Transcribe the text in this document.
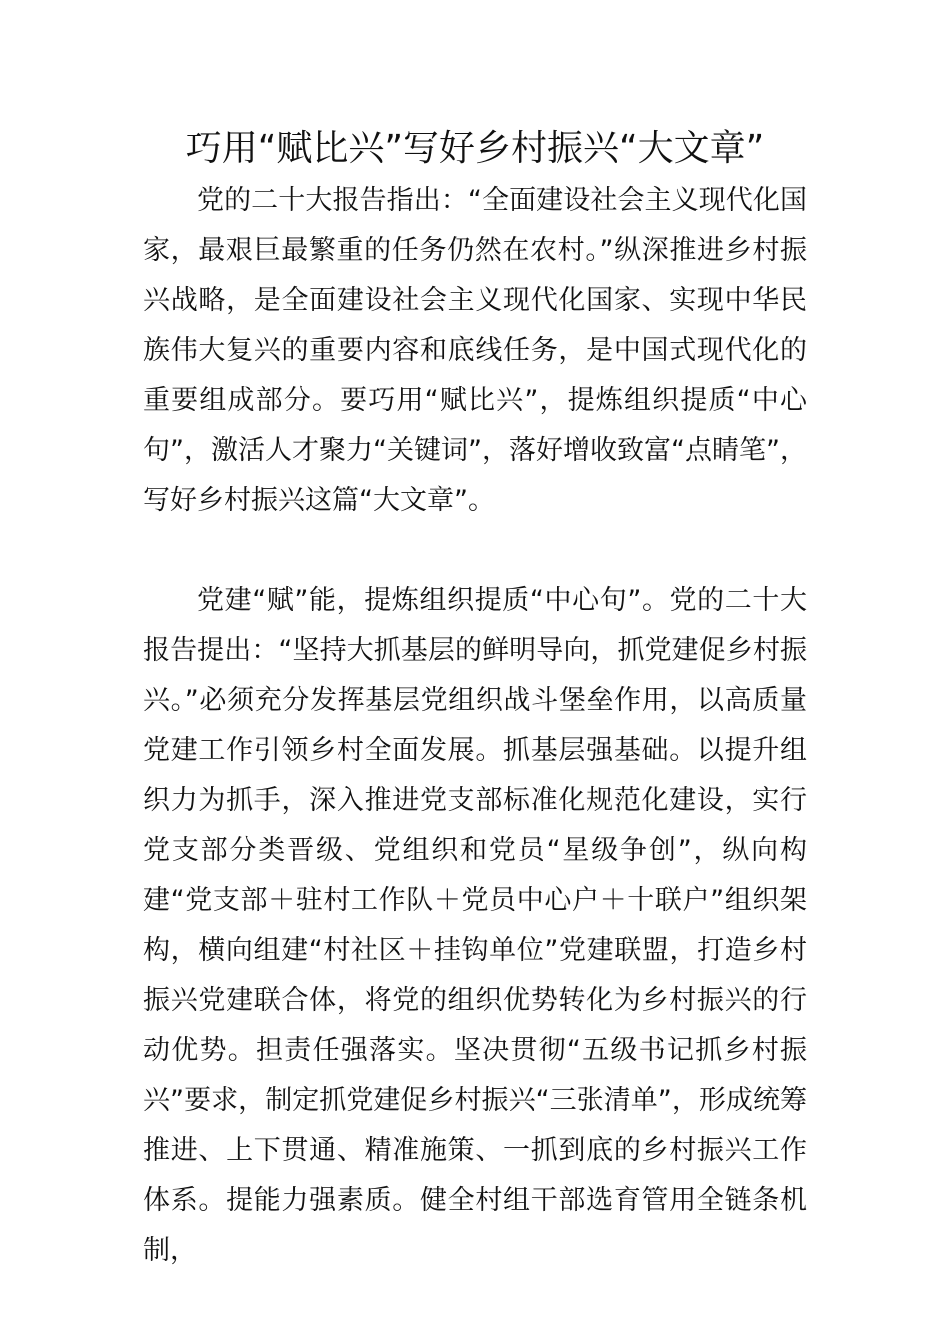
巧用“赋比兴”写好乡村振兴“大文章”

党的二十大报告指出：“全面建设社会主义现代化国家，最艰巨最繁重的任务仍然在农村。”纵深推进乡村振兴战略，是全面建设社会主义现代化国家、实现中华民族伟大复兴的重要内容和底线任务，是中国式现代化的重要组成部分。要巧用“赋比兴”，提炼组织提质“中心句”，激活人才聚力“关键词”，落好增收致富“点睛笔”，写好乡村振兴这篇“大文章”。

党建“赋”能，提炼组织提质“中心句”。党的二十大报告提出：“坚持大抓基层的鲜明导向，抓党建促乡村振兴。”必须充分发挥基层党组织战斗堡垒作用，以高质量党建工作引领乡村全面发展。抓基层强基础。以提升组织力为抓手，深入推进党支部标准化规范化建设，实行党支部分类晋级、党组织和党员“星级争创”，纵向构建“党支部＋驻村工作队＋党员中心户＋十联户”组织架构，横向组建“村社区＋挂钩单位”党建联盟，打造乡村振兴党建联合体，将党的组织优势转化为乡村振兴的行动优势。担责任强落实。坚决贯彻“五级书记抓乡村振兴”要求，制定抓党建促乡村振兴“三张清单”，形成统筹推进、上下贯通、精准施策、一抓到底的乡村振兴工作体系。提能力强素质。健全村组干部选育管用全链条机制，
